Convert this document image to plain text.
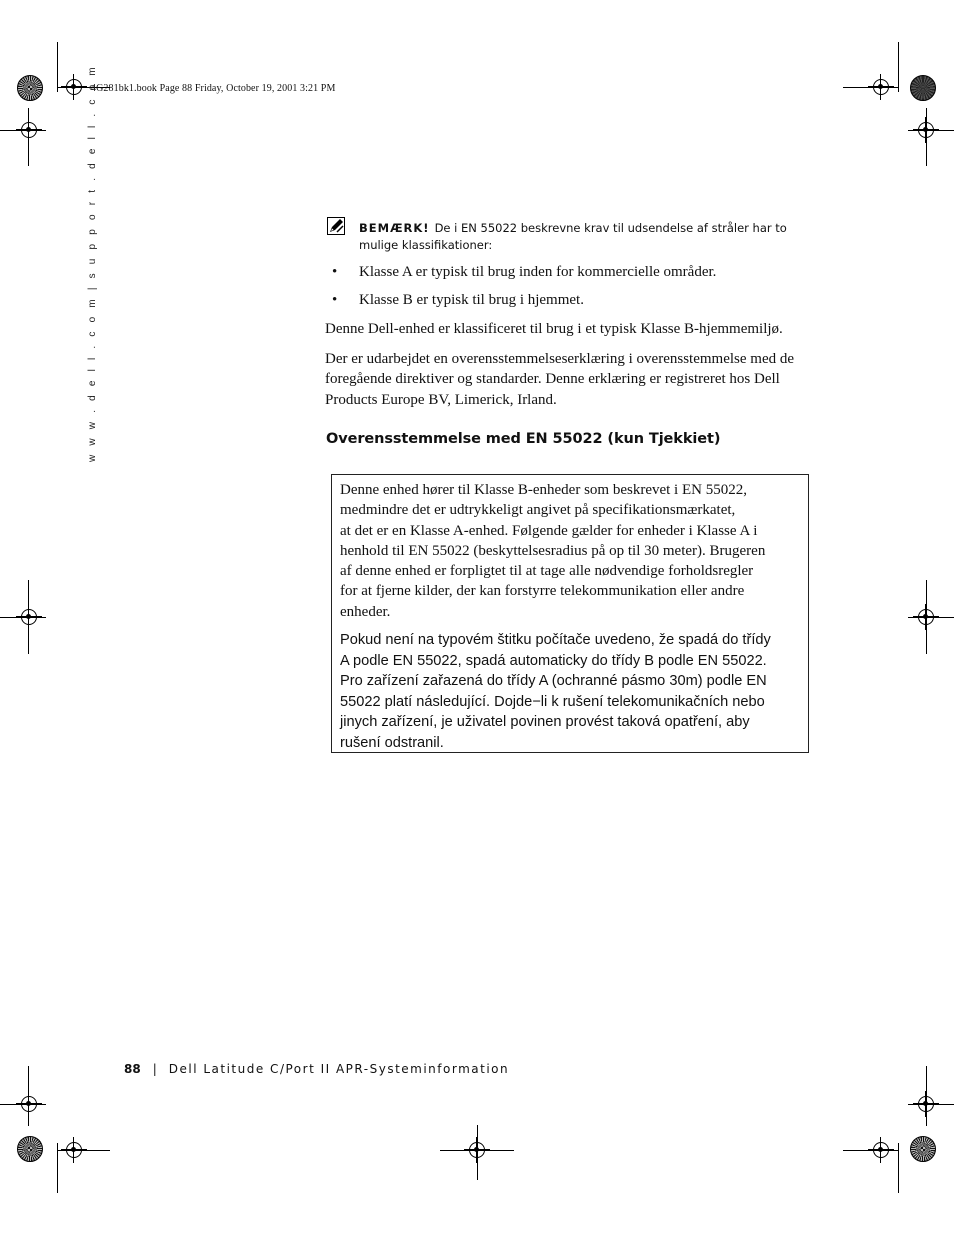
4G281bk1.book Page 88 Friday, October 19, 2001 3:21 PM
w w w . d e l l . c o m | s u p p o r t . d e l l . c o m	BEMÆRK! De i EN 55022 beskrevne krav til udsendelse af stråler har to mulige klassifikationer:
• Klasse A er typisk til brug inden for kommercielle områder.
• Klasse B er typisk til brug i hjemmet.
Denne Dell-enhed er klassificeret til brug i et typisk Klasse B-hjemmemiljø.
Der er udarbejdet en overensstemmelseserklæring i overensstemmelse med de foregående direktiver og standarder. Denne erklæring er registreret hos Dell Products Europe BV, Limerick, Irland.
Overensstemmelse med EN 55022 (kun Tjekkiet)
Denne enhed hører til Klasse B-enheder som beskrevet i EN 55022,
medmindre det er udtrykkeligt angivet på specifikationsmærkatet,
at det er en Klasse A-enhed. Følgende gælder for enheder i Klasse A i
henhold til EN 55022 (beskyttelsesradius på op til 30 meter). Brugeren
af denne enhed er forpligtet til at tage alle nødvendige forholdsregler
for at fjerne kilder, der kan forstyrre telekommunikation eller andre
enheder.
Pokud není na typovém štitku počítače uvedeno, že spadá do třídy
A podle EN 55022, spadá automaticky do třídy B podle EN 55022.
Pro zařízení zařazená do třídy A (ochranné pásmo 30m) podle EN
55022 platí následující. Dojde−li k rušení telekomunikačních nebo
jinych zařízení, je uživatel povinen provést taková opatření, aby
rušení odstranil.
88 | Dell Latitude C/Port II APR-Systeminformation
